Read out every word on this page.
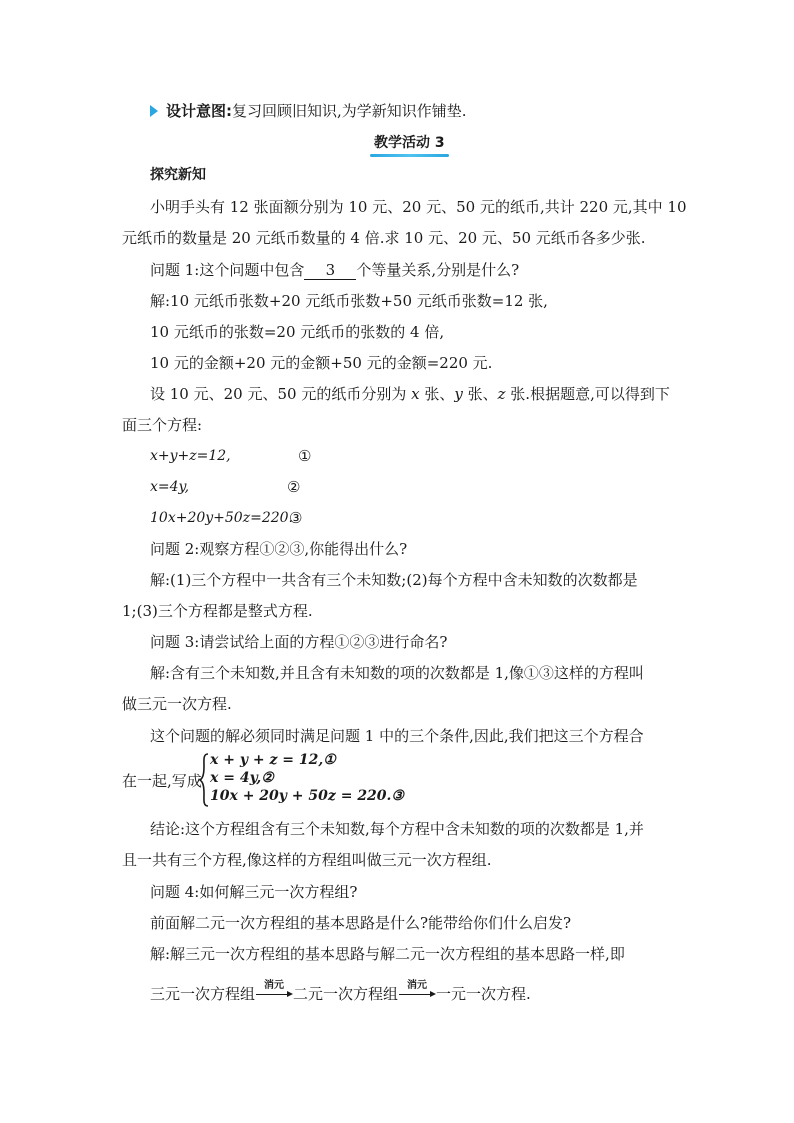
设计意图:复习回顾旧知识,为学新知识作铺垫.
教学活动 3
探究新知
小明手头有 12 张面额分别为 10 元、20 元、50 元的纸币,共计 220 元,其中 10
元纸币的数量是 20 元纸币数量的 4 倍.求 10 元、20 元、50 元纸币各多少张.
问题 1:这个问题中包含 3 个等量关系,分别是什么?
解:10 元纸币张数+20 元纸币张数+50 元纸币张数=12 张,
10 元纸币的张数=20 元纸币的张数的 4 倍,
10 元的金额+20 元的金额+50 元的金额=220 元.
设 10 元、20 元、50 元的纸币分别为 x 张、y 张、z 张.根据题意,可以得到下
面三个方程:
x+y+z=12,	①
x=4y,	②
10x+20y+50z=220.
③
问题 2:观察方程①②③,你能得出什么?
解:(1)三个方程中一共含有三个未知数;(2)每个方程中含未知数的次数都是
1;(3)三个方程都是整式方程.
问题 3:请尝试给上面的方程①②③进行命名?
解:含有三个未知数,并且含有未知数的项的次数都是 1,像①③这样的方程叫
做三元一次方程.
这个问题的解必须同时满足问题 1 中的三个条件,因此,我们把这三个方程合
在一起,写成
x + y + z = 12,①
x = 4y,②
10x + 20y + 50z = 220.③
结论:这个方程组含有三个未知数,每个方程中含未知数的项的次数都是 1,并
且一共有三个方程,像这样的方程组叫做三元一次方程组.
问题 4:如何解三元一次方程组?
前面解二元一次方程组的基本思路是什么?能带给你们什么启发?
解:解三元一次方程组的基本思路与解二元一次方程组的基本思路一样,即
三元一次方程组 消元 二元一次方程组 消元 一元一次方程.
